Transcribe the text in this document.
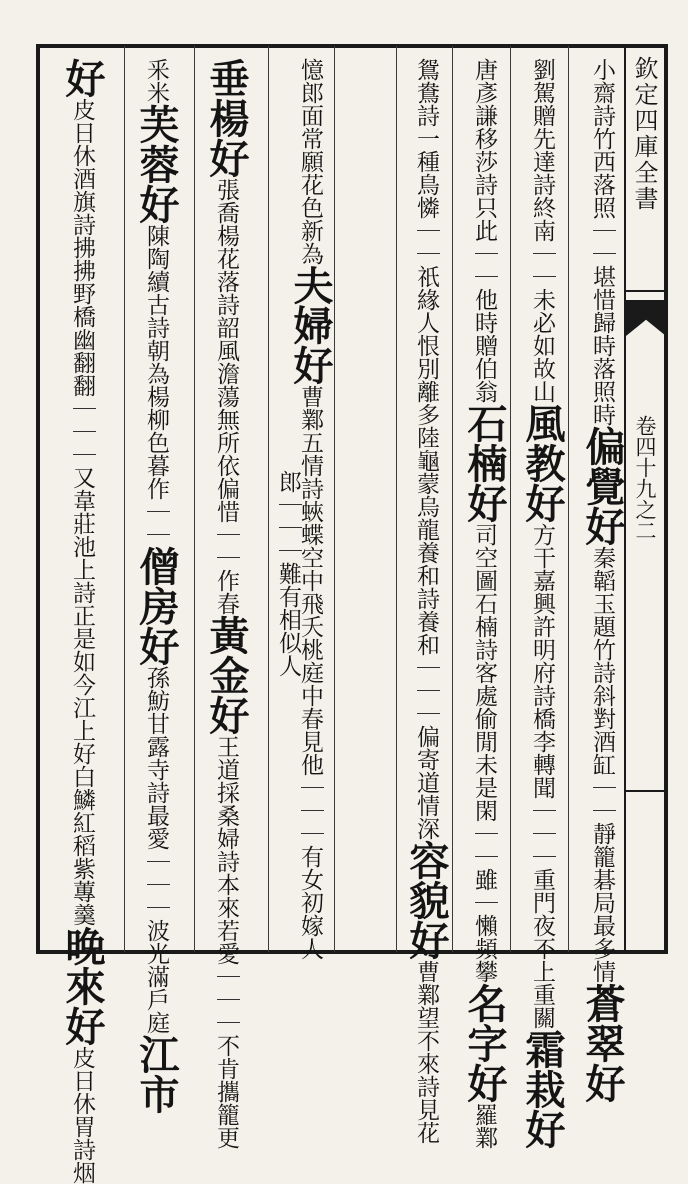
欽定四庫全書
卷四十九之二
小齋詩竹西落照｜｜堪惜歸時落照時偏覺好秦韜玉題竹詩斜對酒缸｜｜靜籠碁局最多情蒼翠好
劉駕贈先達詩終南｜｜未必如故山風教好方干嘉興許明府詩橋李轉聞｜｜｜重門夜不上重關霜栽好
唐彥謙移莎詩只此｜｜他時贈伯翁石楠好司空圖石楠詩客處偷閒未是閑｜｜雖｜懶頻攀名字好羅鄴
鴛鴦詩一種鳥憐｜｜祇緣人恨別離多陸龜蒙烏龍養和詩養和｜｜｜偏寄道情深容貌好曹鄴望不來詩見花
憶郎面常願花色新為夫婦好曹鄴五情詩蛺蝶空中飛夭桃庭中春見他｜｜｜有女初嫁人
郎｜｜｜難有相似人
垂楊好張喬楊花落詩韶風澹蕩無所依偏惜｜｜作春黃金好王道採桑婦詩本來若愛｜｜｜不肯攜籠更
釆米芙蓉好陳陶續古詩朝為楊柳色暮作｜｜僧房好孫魴甘露寺詩最愛｜｜｜波光滿戶庭江市
好皮日休酒旗詩拂拂野橋幽翻翻｜｜｜又韋莊池上詩正是如今江上好白鱗紅稻紫蓴羹晚來好皮日休胃詩烟
